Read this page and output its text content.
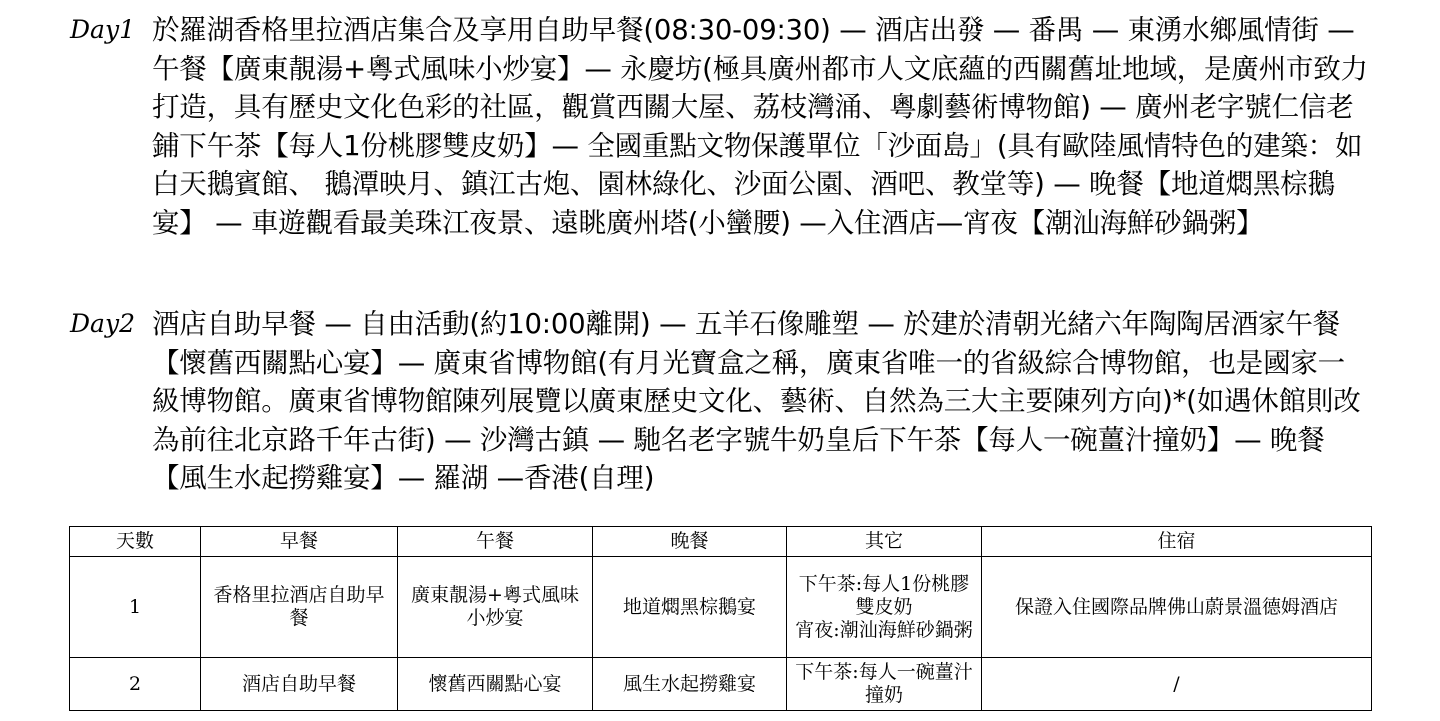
Day1 於羅湖香格里拉酒店集合及享用自助早餐(08:30-09:30) — 酒店出發 — 番禺 — 東湧水鄉風情街 — 午餐【廣東靚湯+粵式風味小炒宴】— 永慶坊(極具廣州都市人文底蘊的西關舊址地域，是廣州市致力打造，具有歷史文化色彩的社區，觀賞西關大屋、荔枝灣涌、粵劇藝術博物館) — 廣州老字號仁信老鋪下午茶【每人1份桃膠雙皮奶】— 全國重點文物保護單位「沙面島」(具有歐陸風情特色的建築：如白天鵝賓館、 鵝潭映月、鎮江古炮、園林綠化、沙面公園、酒吧、教堂等) — 晚餐【地道燜黑棕鵝宴】 — 車遊觀看最美珠江夜景、遠眺廣州塔(小蠻腰) —入住酒店—宵夜【潮汕海鮮砂鍋粥】

Day2 酒店自助早餐 — 自由活動(約10:00離開) — 五羊石像雕塑 — 於建於清朝光緒六年陶陶居酒家午餐【懷舊西關點心宴】— 廣東省博物館(有月光寶盒之稱，廣東省唯一的省級綜合博物館，也是國家一級博物館。廣東省博物館陳列展覽以廣東歷史文化、藝術、自然為三大主要陳列方向)*(如遇休館則改為前往北京路千年古街) — 沙灣古鎮 — 馳名老字號牛奶皇后下午茶【每人一碗薑汁撞奶】— 晚餐【風生水起撈雞宴】— 羅湖 —香港(自理)

天數	早餐	午餐	晚餐	其它	住宿
1	香格里拉酒店自助早餐	廣東靚湯+粵式風味小炒宴	地道燜黑棕鵝宴	下午茶:每人1份桃膠雙皮奶
宵夜:潮汕海鮮砂鍋粥	保證入住國際品牌佛山蔚景溫德姆酒店
2	酒店自助早餐	懷舊西關點心宴	風生水起撈雞宴	下午茶:每人一碗薑汁撞奶	/
